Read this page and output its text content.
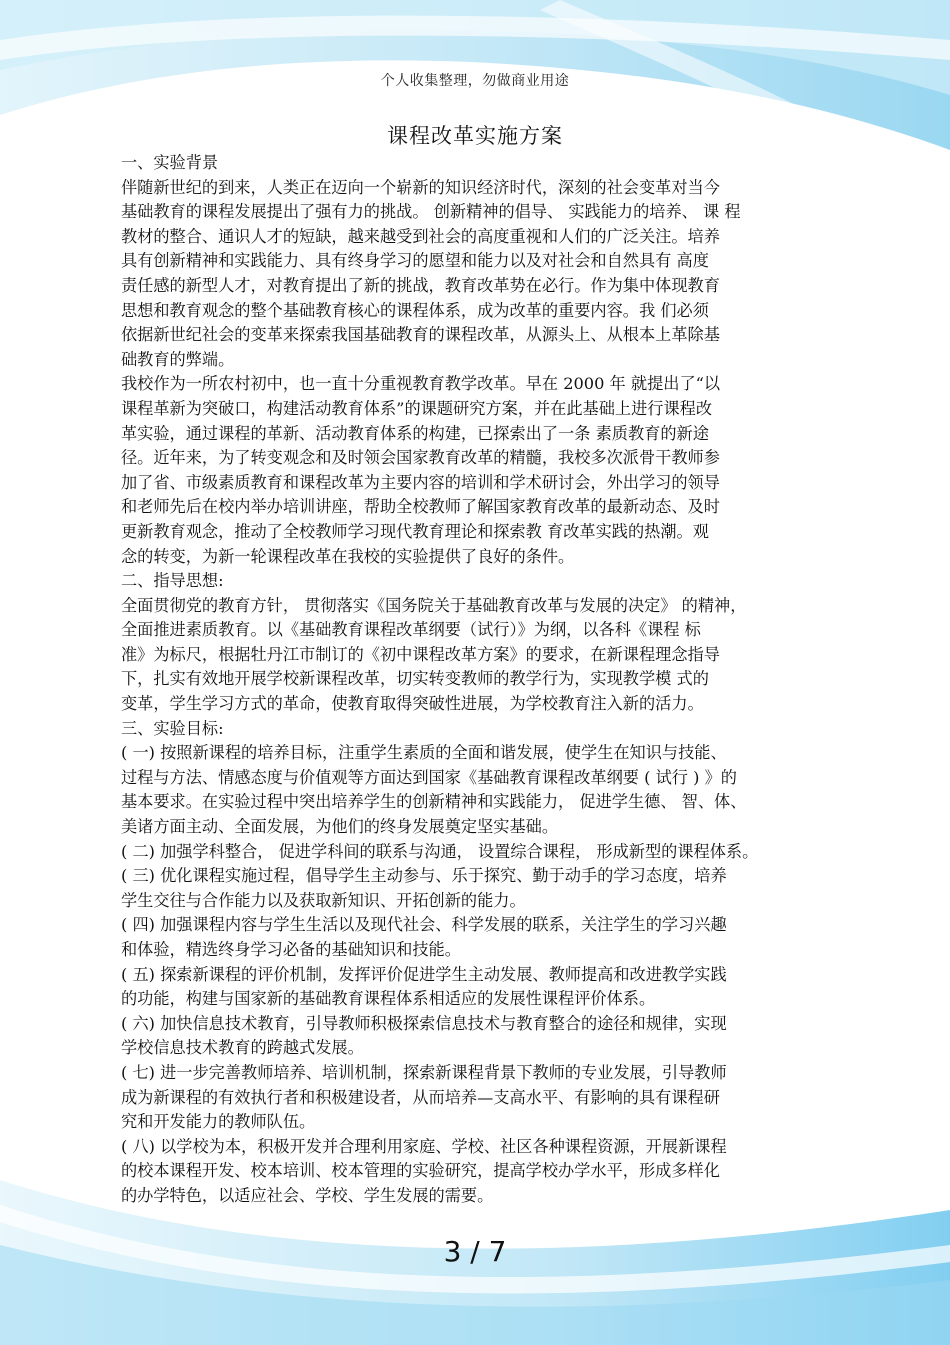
个人收集整理，勿做商业用途
课程改革实施方案
一、实验背景
伴随新世纪的到来，人类正在迈向一个崭新的知识经济时代，深刻的社会变革对当今
基础教育的课程发展提出了强有力的挑战。 创新精神的倡导、 实践能力的培养、 课 程
教材的整合、通识人才的短缺，越来越受到社会的高度重视和人们的广泛关注。培养
具有创新精神和实践能力、具有终身学习的愿望和能力以及对社会和自然具有 高度
责任感的新型人才，对教育提出了新的挑战，教育改革势在必行。作为集中体现教育
思想和教育观念的整个基础教育核心的课程体系，成为改革的重要内容。我 们必须
依据新世纪社会的变革来探索我国基础教育的课程改革，从源头上、从根本上革除基
础教育的弊端。
我校作为一所农村初中，也一直十分重视教育教学改革。早在 2000 年 就提出了“以
课程革新为突破口，构建活动教育体系”的课题研究方案，并在此基础上进行课程改
革实验，通过课程的革新、活动教育体系的构建，已探索出了一条 素质教育的新途
径。近年来，为了转变观念和及时领会国家教育改革的精髓，我校多次派骨干教师参
加了省、市级素质教育和课程改革为主要内容的培训和学术研讨会，外出学习的领导
和老师先后在校内举办培训讲座，帮助全校教师了解国家教育改革的最新动态、及时
更新教育观念，推动了全校教师学习现代教育理论和探索教 育改革实践的热潮。观
念的转变，为新一轮课程改革在我校的实验提供了良好的条件。
二、指导思想:
全面贯彻党的教育方针， 贯彻落实《国务院关于基础教育改革与发展的决定》 的精神，
全面推进素质教育。以《基础教育课程改革纲要（试行）》为纲，以各科《课程 标
准》为标尺，根据牡丹江市制订的《初中课程改革方案》的要求，在新课程理念指导
下，扎实有效地开展学校新课程改革，切实转变教师的教学行为，实现教学模 式的
变革，学生学习方式的革命，使教育取得突破性进展，为学校教育注入新的活力。
三、实验目标:
( 一) 按照新课程的培养目标，注重学生素质的全面和谐发展，使学生在知识与技能、
过程与方法、情感态度与价值观等方面达到国家《基础教育课程改革纲要 ( 试行 ) 》的
基本要求。在实验过程中突出培养学生的创新精神和实践能力， 促进学生德、 智、体、
美诸方面主动、全面发展，为他们的终身发展奠定坚实基础。
( 二) 加强学科整合， 促进学科间的联系与沟通， 设置综合课程， 形成新型的课程体系。
( 三) 优化课程实施过程，倡导学生主动参与、乐于探究、勤于动手的学习态度，培养
学生交往与合作能力以及获取新知识、开拓创新的能力。
( 四) 加强课程内容与学生生活以及现代社会、科学发展的联系，关注学生的学习兴趣
和体验，精选终身学习必备的基础知识和技能。
( 五) 探索新课程的评价机制，发挥评价促进学生主动发展、教师提高和改进教学实践
的功能，构建与国家新的基础教育课程体系相适应的发展性课程评价体系。
( 六) 加快信息技术教育，引导教师积极探索信息技术与教育整合的途径和规律，实现
学校信息技术教育的跨越式发展。
( 七) 进一步完善教师培养、培训机制，探索新课程背景下教师的专业发展，引导教师
成为新课程的有效执行者和积极建设者，从而培养—支高水平、有影响的具有课程研
究和开发能力的教师队伍。
( 八) 以学校为本，积极开发并合理利用家庭、学校、社区各种课程资源，开展新课程
的校本课程开发、校本培训、校本管理的实验研究，提高学校办学水平，形成多样化
的办学特色，以适应社会、学校、学生发展的需要。
3 / 7
